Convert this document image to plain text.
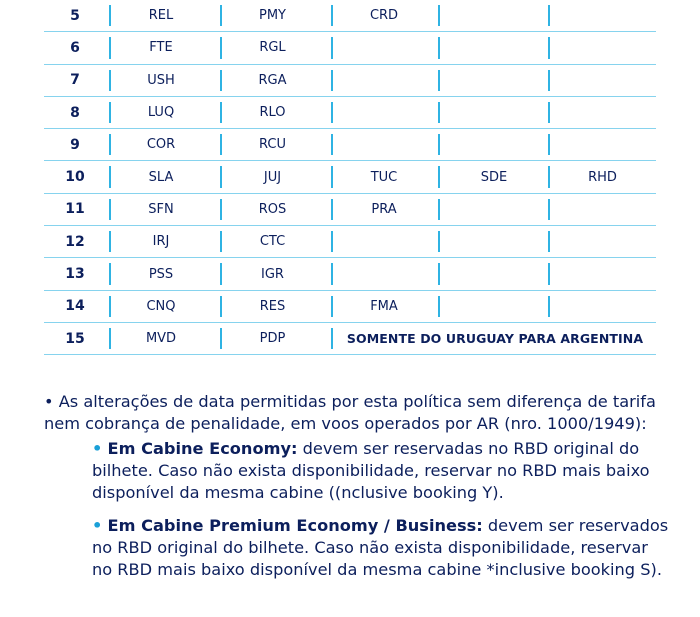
5	REL	PMY	CRD
6	FTE	RGL
7	USH	RGA
8	LUQ	RLO
9	COR	RCU
10	SLA	JUJ	TUC	SDE	RHD
11	SFN	ROS	PRA
12	IRJ	CTC
13	PSS	IGR
14	CNQ	RES	FMA
15	MVD	PDP	SOMENTE DO URUGUAY PARA ARGENTINA
• As alterações de data permitidas por esta política sem diferença de tarifa nem cobrança de penalidade, em voos operados por AR (nro. 1000/1949):
• Em Cabine Economy: devem ser reservadas no RBD original do bilhete. Caso não exista disponibilidade, reservar no RBD mais baixo disponível da mesma cabine ((nclusive booking Y).
• Em Cabine Premium Economy / Business: devem ser reservados no RBD original do bilhete. Caso não exista disponibilidade, reservar no RBD mais baixo disponível da mesma cabine *inclusive booking S).
